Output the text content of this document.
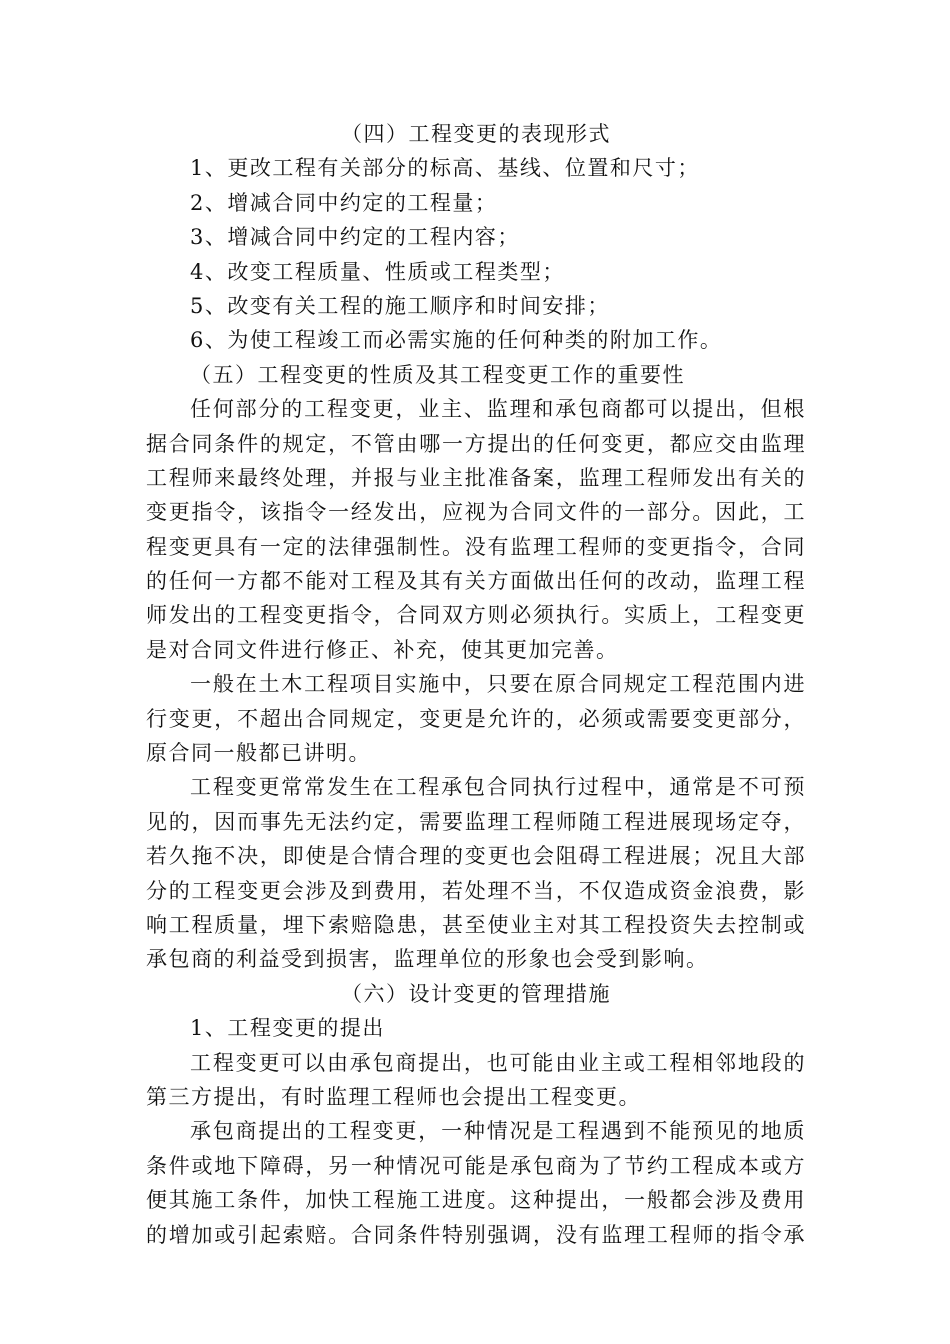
（四）工程变更的表现形式
1、更改工程有关部分的标高、基线、位置和尺寸；
2、增减合同中约定的工程量；
3、增减合同中约定的工程内容；
4、改变工程质量、性质或工程类型；
5、改变有关工程的施工顺序和时间安排；
6、为使工程竣工而必需实施的任何种类的附加工作。
（五）工程变更的性质及其工程变更工作的重要性
任何部分的工程变更，业主、监理和承包商都可以提出，但根
据合同条件的规定，不管由哪一方提出的任何变更，都应交由监理
工程师来最终处理，并报与业主批准备案，监理工程师发出有关的
变更指令，该指令一经发出，应视为合同文件的一部分。因此，工
程变更具有一定的法律强制性。没有监理工程师的变更指令，合同
的任何一方都不能对工程及其有关方面做出任何的改动，监理工程
师发出的工程变更指令，合同双方则必须执行。实质上，工程变更
是对合同文件进行修正、补充，使其更加完善。
一般在土木工程项目实施中，只要在原合同规定工程范围内进
行变更，不超出合同规定，变更是允许的，必须或需要变更部分，
原合同一般都已讲明。
工程变更常常发生在工程承包合同执行过程中，通常是不可预
见的，因而事先无法约定，需要监理工程师随工程进展现场定夺，
若久拖不决，即使是合情合理的变更也会阻碍工程进展；况且大部
分的工程变更会涉及到费用，若处理不当，不仅造成资金浪费，影
响工程质量，埋下索赔隐患，甚至使业主对其工程投资失去控制或
承包商的利益受到损害，监理单位的形象也会受到影响。
（六）设计变更的管理措施
1、工程变更的提出
工程变更可以由承包商提出，也可能由业主或工程相邻地段的
第三方提出，有时监理工程师也会提出工程变更。
承包商提出的工程变更，一种情况是工程遇到不能预见的地质
条件或地下障碍，另一种情况可能是承包商为了节约工程成本或方
便其施工条件，加快工程施工进度。这种提出，一般都会涉及费用
的增加或引起索赔。合同条件特别强调，没有监理工程师的指令承
